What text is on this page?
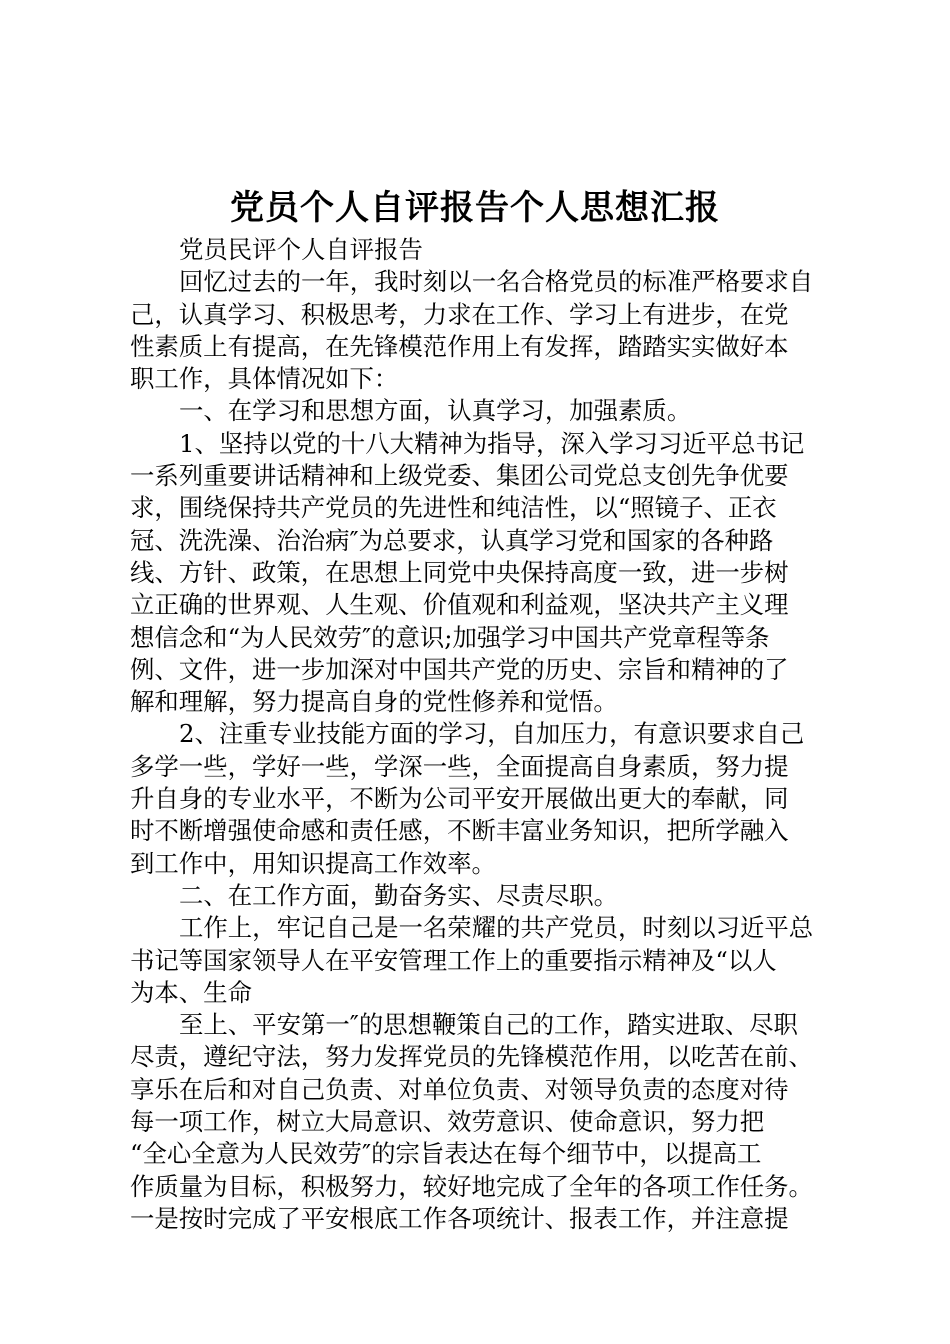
党员个人自评报告个人思想汇报
党员民评个人自评报告
回忆过去的一年，我时刻以一名合格党员的标准严格要求自
己，认真学习、积极思考，力求在工作、学习上有进步，在党
性素质上有提高，在先锋模范作用上有发挥，踏踏实实做好本
职工作，具体情况如下：
一、在学习和思想方面，认真学习，加强素质。
1、坚持以党的十八大精神为指导，深入学习习近平总书记
一系列重要讲话精神和上级党委、集团公司党总支创先争优要
求，围绕保持共产党员的先进性和纯洁性，以“照镜子、正衣
冠、洗洗澡、治治病″为总要求，认真学习党和国家的各种路
线、方针、政策，在思想上同党中央保持高度一致，进一步树
立正确的世界观、人生观、价值观和利益观，坚决共产主义理
想信念和“为人民效劳″的意识;加强学习中国共产党章程等条
例、文件，进一步加深对中国共产党的历史、宗旨和精神的了
解和理解，努力提高自身的党性修养和觉悟。
2、注重专业技能方面的学习，自加压力，有意识要求自己
多学一些，学好一些，学深一些，全面提高自身素质，努力提
升自身的专业水平，不断为公司平安开展做出更大的奉献，同
时不断增强使命感和责任感，不断丰富业务知识，把所学融入
到工作中，用知识提高工作效率。
二、在工作方面，勤奋务实、尽责尽职。
工作上，牢记自己是一名荣耀的共产党员，时刻以习近平总
书记等国家领导人在平安管理工作上的重要指示精神及“以人
为本、生命
至上、平安第一″的思想鞭策自己的工作，踏实进取、尽职
尽责，遵纪守法，努力发挥党员的先锋模范作用，以吃苦在前、
享乐在后和对自己负责、对单位负责、对领导负责的态度对待
每一项工作，树立大局意识、效劳意识、使命意识，努力把
“全心全意为人民效劳″的宗旨表达在每个细节中，以提高工
作质量为目标，积极努力，较好地完成了全年的各项工作任务。
一是按时完成了平安根底工作各项统计、报表工作，并注意提
